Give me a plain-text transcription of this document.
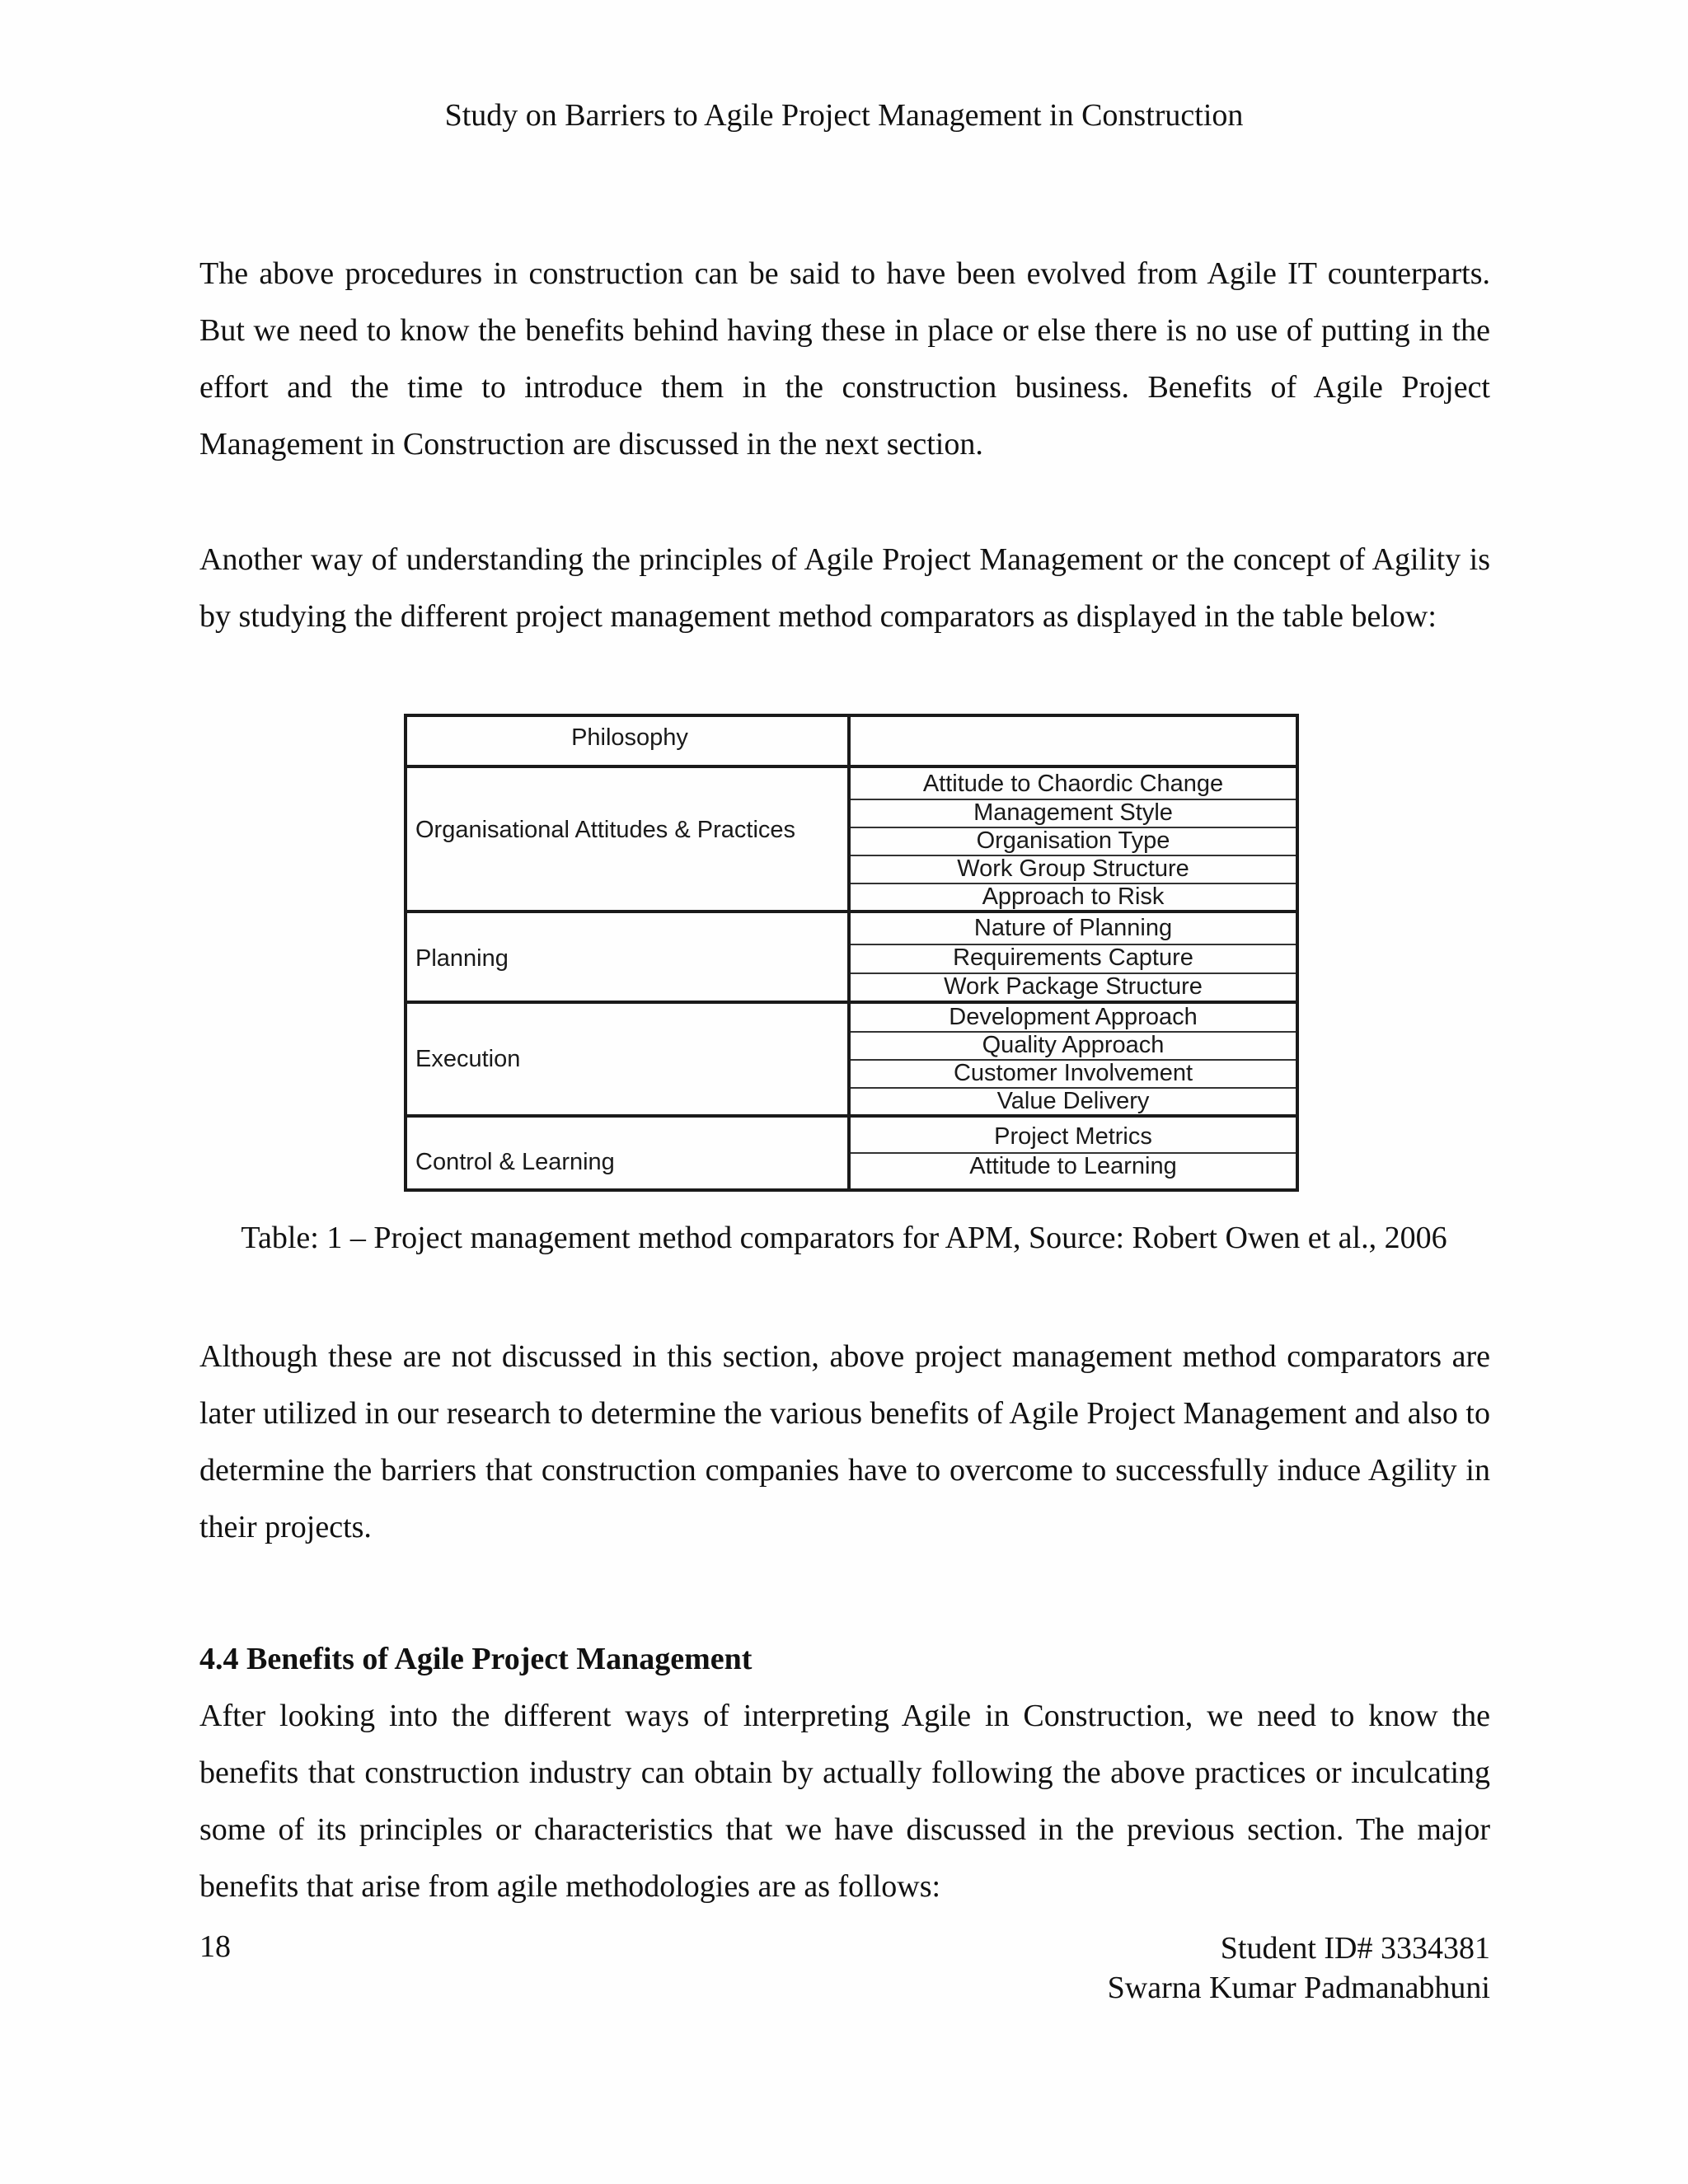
Study on Barriers to Agile Project Management in Construction

The above procedures in construction can be said to have been evolved from Agile IT counterparts. But we need to know the benefits behind having these in place or else there is no use of putting in the effort and the time to introduce them in the construction business. Benefits of Agile Project Management in Construction are discussed in the next section.

Another way of understanding the principles of Agile Project Management or the concept of Agility is by studying the different project management method comparators as displayed in the table below:

Philosophy
Organisational Attitudes & Practices
Attitude to Chaordic Change
Management Style
Organisation Type
Work Group Structure
Approach to Risk
Planning
Nature of Planning
Requirements Capture
Work Package Structure
Execution
Development Approach
Quality Approach
Customer Involvement
Value Delivery
Control & Learning
Project Metrics
Attitude to Learning
Table: 1 – Project management method comparators for APM, Source: Robert Owen et al., 2006

Although these are not discussed in this section, above project management method comparators are later utilized in our research to determine the various benefits of Agile Project Management and also to determine the barriers that construction companies have to overcome to successfully induce Agility in their projects.

4.4 Benefits of Agile Project Management

After looking into the different ways of interpreting Agile in Construction, we need to know the benefits that construction industry can obtain by actually following the above practices or inculcating some of its principles or characteristics that we have discussed in the previous section. The major benefits that arise from agile methodologies are as follows:

18	Student ID# 3334381
Swarna Kumar Padmanabhuni
